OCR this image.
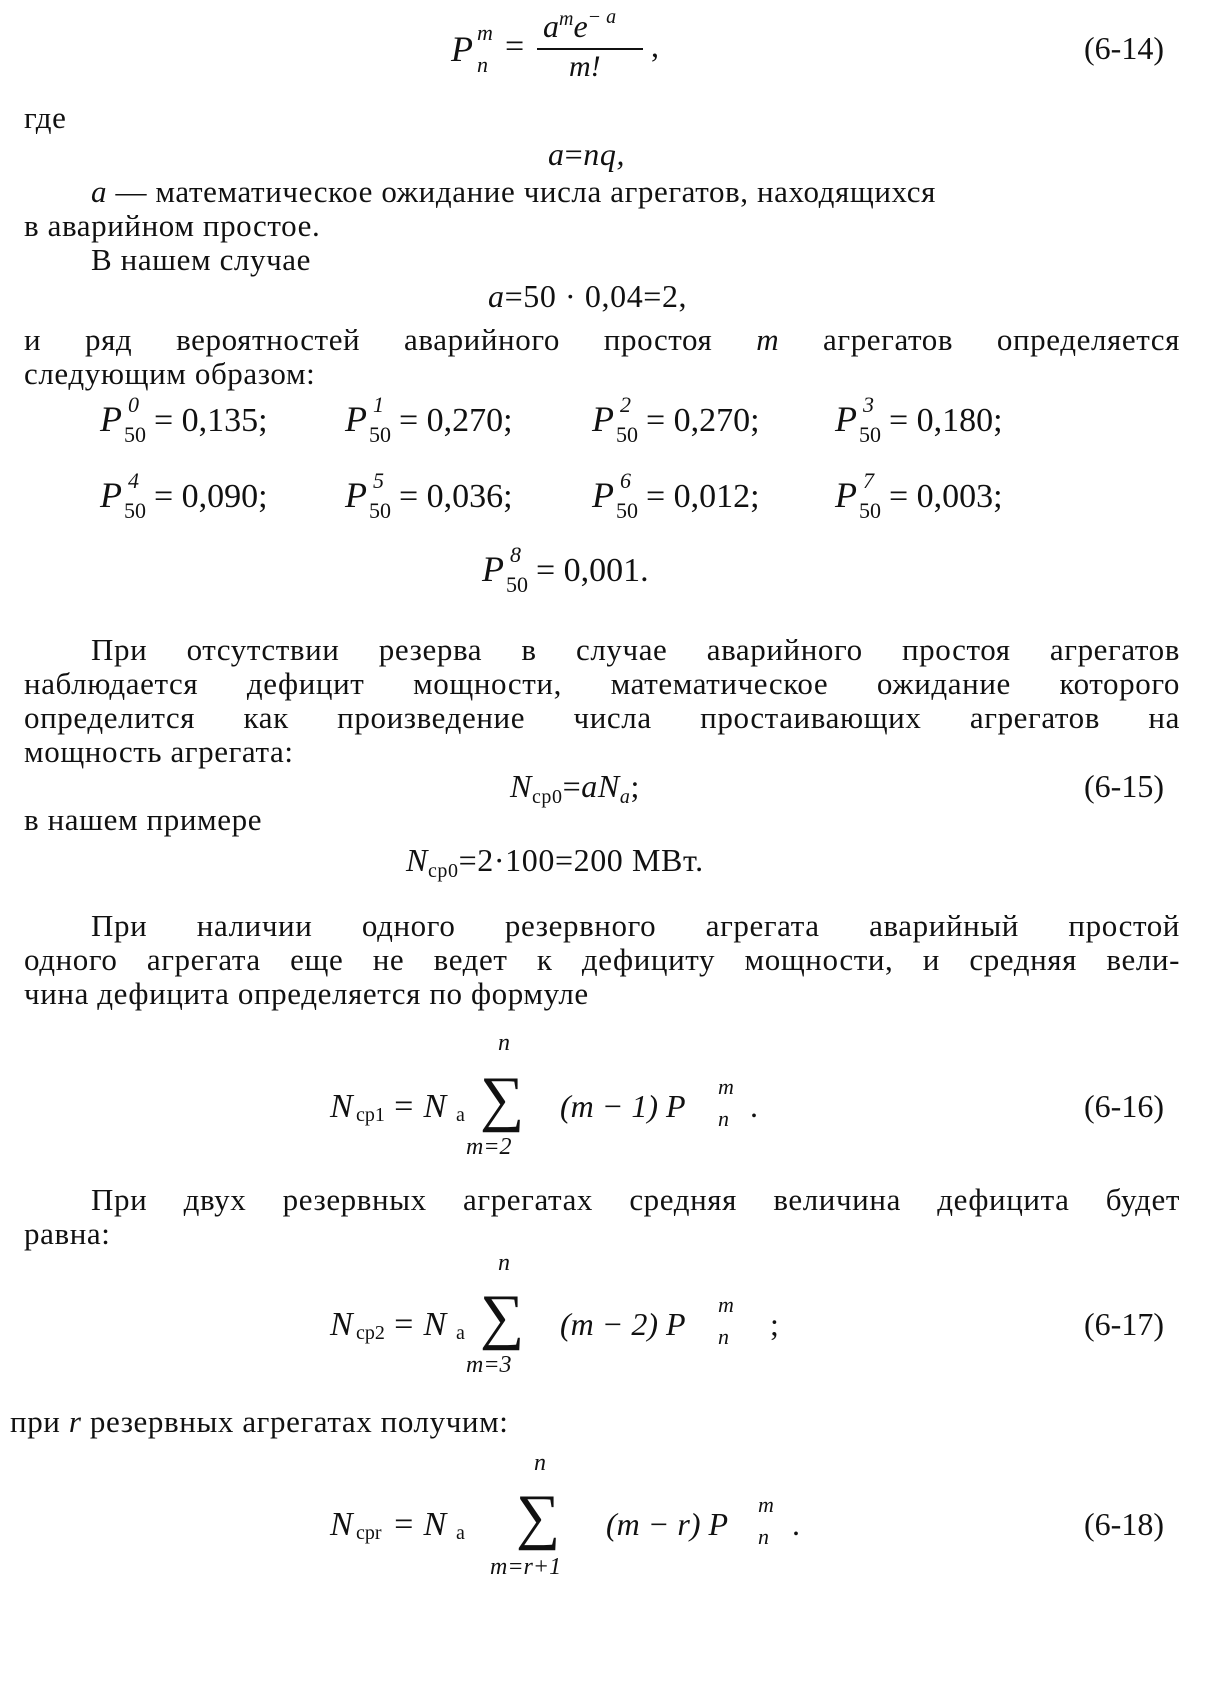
P m
n =
$a^me^{- a}$
m!
,	(6-14)
где
a=nq,
a — математическое ожидание числа агрегатов, находящихся
в аварийном простое.
В нашем случае
a=50 · 0,04=2,
и ряд вероятностей аварийного простоя m агрегатов определяется
следующим образом:
P 0
50 = 0,135; P 1
50 = 0,270; P 2
50 = 0,270; P 3
50 = 0,180;
P 4
50 = 0,090; P 5
50 = 0,036; P 6
50 = 0,012; P 7
50 = 0,003;
P 8
50 = 0,001.
При отсутствии резерва в случае аварийного простоя агрегатов
наблюдается дефицит мощности, математическое ожидание которого
определится как произведение числа простаивающих агрегатов на
мощность агрегата:
Ncp0=aNa;	(6-15)
в нашем примере
Ncp0=2·100=200 МВт.
При наличии одного резервного агрегата аварийный простой
одного агрегата еще не ведет к дефициту мощности, и средняя вели-
чина дефицита определяется по формуле
N cp1 = N a
n
∑
m=2
(m − 1) P
m
n .	(6-16)
При двух резервных агрегатах средняя величина дефицита будет
равна:
N cp2 = N a
n
∑
m=3
(m − 2) P
m
n ;	(6-17)
при r резервных агрегатах получим:
N cpr = N a
n
∑
m=r+1
(m − r) P
m
n .	(6-18)
